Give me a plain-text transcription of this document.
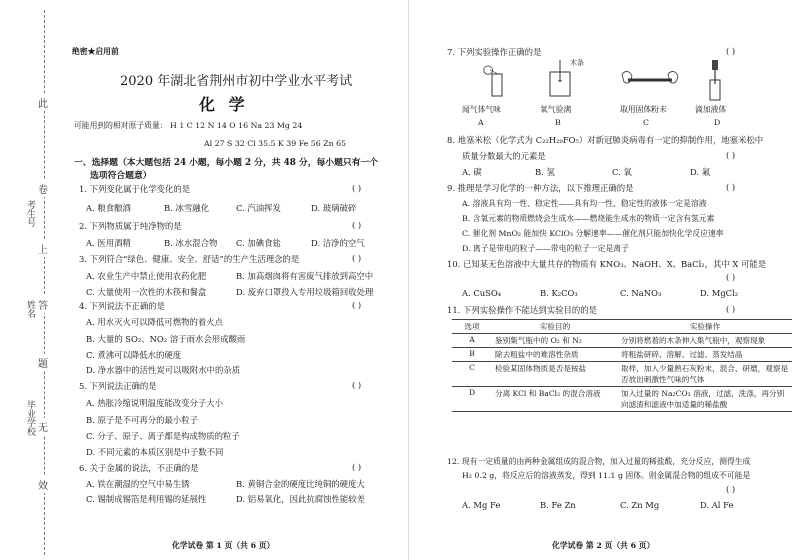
此
卷
上
答
题
无
效
考生号
姓名
毕业学校
绝密★启用前
2020 年湖北省荆州市初中学业水平考试
化 学
可能用到的相对原子质量： H 1 C 12 N 14 O 16 Na 23 Mg 24
Al 27 S 32 Cl 35.5 K 39 Fe 56 Zn 65
一、选择题（本大题包括 24 小题，每小题 2 分，共 48 分，每小题只有一个
选项符合题意）
1. 下列变化属于化学变化的是	( )
A. 粮食酿酒	B. 冰雪融化	C. 汽油挥发	D. 玻璃破碎
2. 下列物质属于纯净物的是	( )
A. 医用酒精	B. 冰水混合物 C. 加碘食盐	D. 洁净的空气
3. 下列符合“绿色、健康、安全、舒适”的生产生活理念的是	( )
A. 农业生产中禁止使用农药化肥	B. 加高烟囱将有害废气排放到高空中
C. 大量使用一次性的木筷和餐盒	D. 废弃口罩投入专用垃圾箱回收处理
4. 下列说法不正确的是	( )
A. 用水灭火可以降低可燃物的着火点
B. 大量的 SO₂、NO₂ 溶于雨水会形成酸雨
C. 煮沸可以降低水的硬度
D. 净水器中的活性炭可以吸附水中的杂质
5. 下列说法正确的是	( )
A. 热胀冷缩说明温度能改变分子大小
B. 原子是不可再分的最小粒子
C. 分子、原子、离子都是构成物质的粒子
D. 不同元素的本质区别是中子数不同
6. 关于金属的说法，不正确的是	( )
A. 铁在潮湿的空气中易生锈	B. 黄铜合金的硬度比纯铜的硬度大
C. 锡制成锡箔是利用锡的延展性	D. 铝易氧化，因此抗腐蚀性能较差
化学试卷 第 1 页（共 6 页）
7. 下列实验操作正确的是	( )
木条
闻气体气味	氧气验满	取用固体粉末	滴加液体
A	B	C	D
8. 地塞米松（化学式为 C₂₂H₂₉FO₅）对新冠肺炎病毒有一定的抑制作用，地塞米松中
质量分数最大的元素是	( )
A. 碳	B. 氢	C. 氧	D. 氟
9. 推理是学习化学的一种方法，以下推理正确的是	( )
A. 溶液具有均一性、稳定性——具有均一性、稳定性的液体一定是溶液
B. 含氧元素的物质燃烧会生成水——燃烧能生成水的物质一定含有氢元素
C. 催化剂 MnO₂ 能加快 KClO₃ 分解速率——催化剂只能加快化学反应速率
D. 离子是带电的粒子——带电的粒子一定是离子
10. 已知某无色溶液中大量共存的物质有 KNO₃、NaOH、X、BaCl₂，其中 X 可能是
( )
A. CuSO₄	B. K₂CO₃	C. NaNO₃	D. MgCl₂
11. 下列实验操作不能达到实验目的的是	( )
选项	实验目的	实验操作
A	鉴别集气瓶中的 O₂ 和 N₂	分别将燃着的木条伸入集气瓶中，观察现象
B	除去粗盐中的难溶性杂质	将粗盐研碎、溶解、过滤、蒸发结晶
C	检验某固体物质是否是铵盐	取样，加入少量熟石灰粉末，混合、研磨，观察是否放出刺激性气味的气体
D	分离 KCl 和 BaCl₂ 的混合溶液	加入过量的 Na₂CO₃ 溶液，过滤，洗涤，再分别向滤渣和滤液中加适量的稀盐酸
12. 现有一定质量的由两种金属组成的混合物，加入过量的稀盐酸，充分反应，测得生成
H₂ 0.2 g，将反应后的溶液蒸发，得到 11.1 g 固体。则金属混合物的组成不可能是
( )
A. Mg Fe	B. Fe Zn	C. Zn Mg	D. Al Fe
化学试卷 第 2 页（共 6 页）
